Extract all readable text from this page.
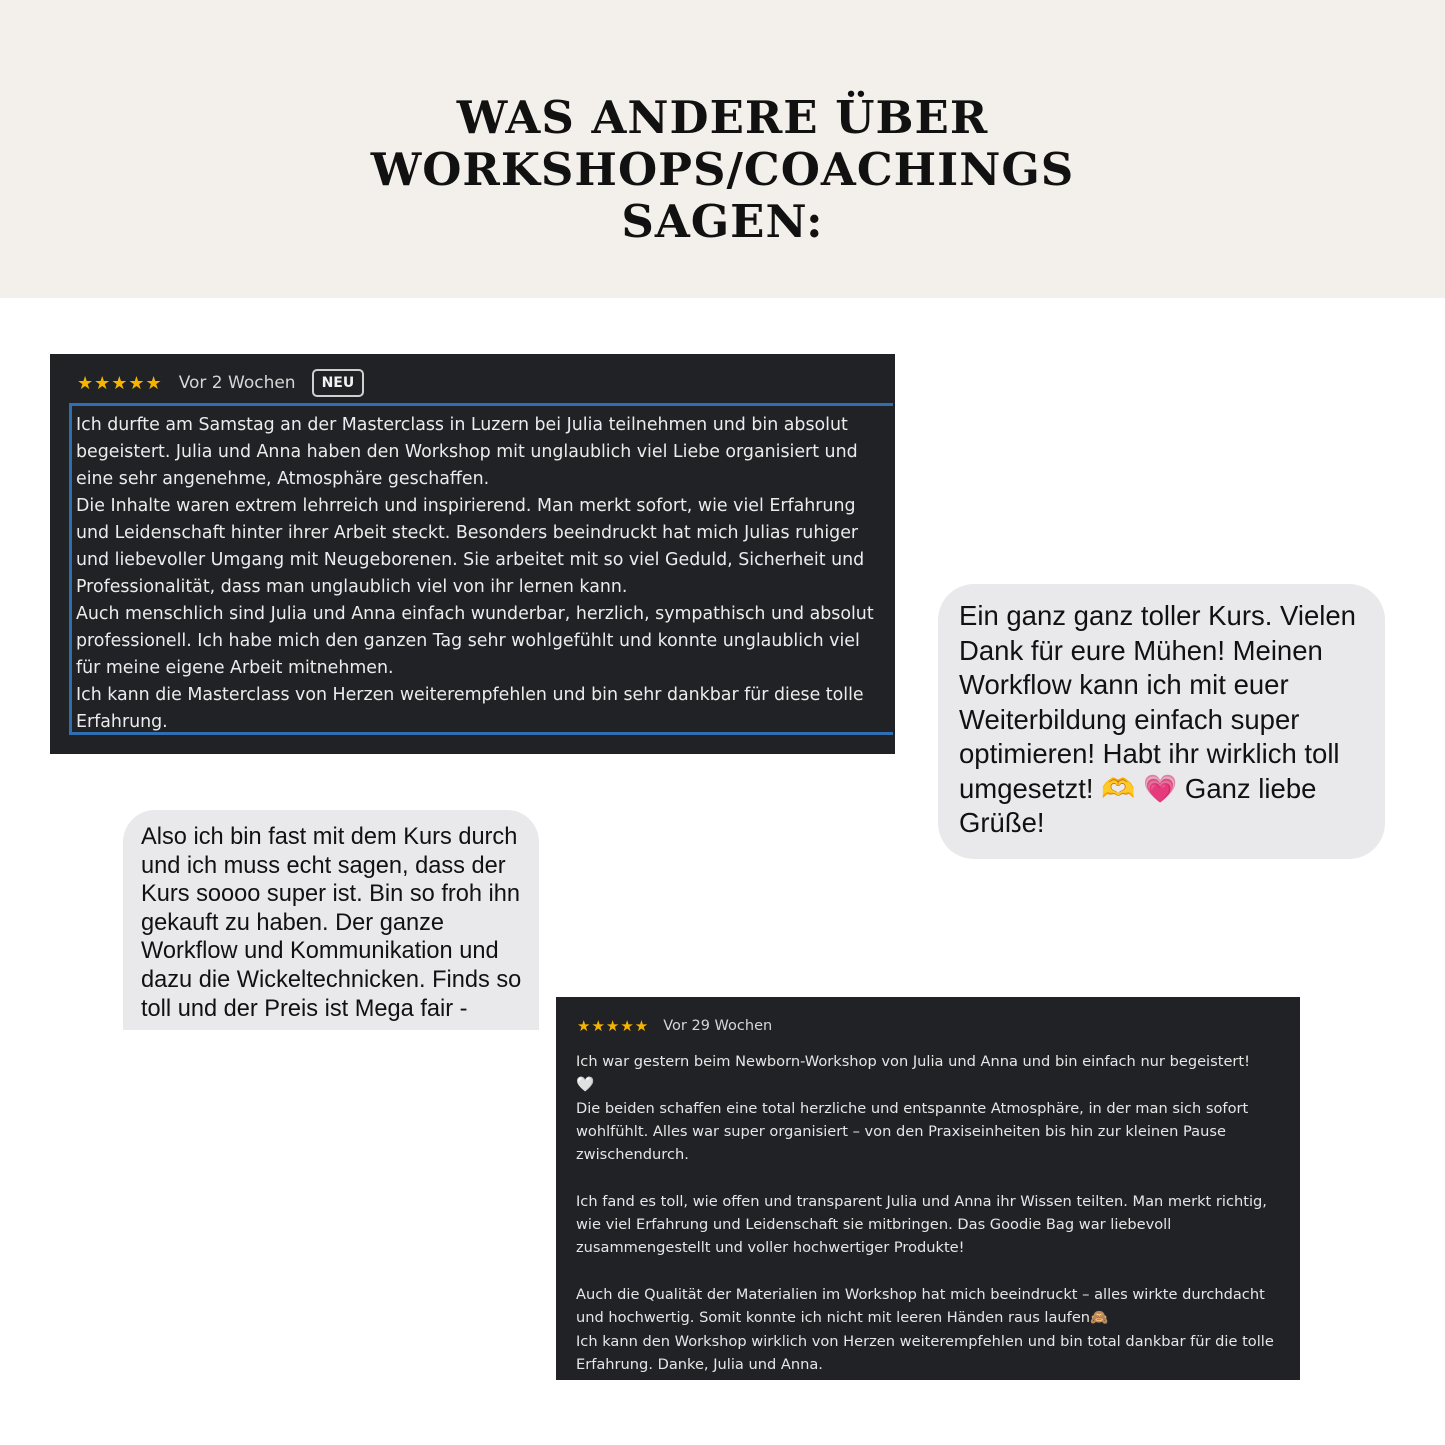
WAS ANDERE ÜBER
WORKSHOPS/COACHINGS
SAGEN:
★★★★★ Vor 2 Wochen	NEU

Ich durfte am Samstag an der Masterclass in Luzern bei Julia teilnehmen und bin absolut begeistert. Julia und Anna haben den Workshop mit unglaublich viel Liebe organisiert und eine sehr angenehme, Atmosphäre geschaffen.

Die Inhalte waren extrem lehrreich und inspirierend. Man merkt sofort, wie viel Erfahrung und Leidenschaft hinter ihrer Arbeit steckt. Besonders beeindruckt hat mich Julias ruhiger und liebevoller Umgang mit Neugeborenen. Sie arbeitet mit so viel Geduld, Sicherheit und Professionalität, dass man unglaublich viel von ihr lernen kann.

Auch menschlich sind Julia und Anna einfach wunderbar, herzlich, sympathisch und absolut professionell. Ich habe mich den ganzen Tag sehr wohlgefühlt und konnte unglaublich viel für meine eigene Arbeit mitnehmen.

Ich kann die Masterclass von Herzen weiterempfehlen und bin sehr dankbar für diese tolle Erfahrung.

Ein ganz ganz toller Kurs. Vielen Dank für eure Mühen! Meinen Workflow kann ich mit euer Weiterbildung einfach super optimieren! Habt ihr wirklich toll umgesetzt! 🫶 💗 Ganz liebe Grüße!
Also ich bin fast mit dem Kurs durch und ich muss echt sagen, dass der Kurs soooo super ist. Bin so froh ihn gekauft zu haben. Der ganze Workflow und Kommunikation und dazu die Wickeltechnicken. Finds so toll und der Preis ist Mega fair -
★★★★★ Vor 29 Wochen

Ich war gestern beim Newborn-Workshop von Julia und Anna und bin einfach nur begeistert!
🤍

Die beiden schaffen eine total herzliche und entspannte Atmosphäre, in der man sich sofort wohlfühlt. Alles war super organisiert – von den Praxiseinheiten bis hin zur kleinen Pause zwischendurch.

Ich fand es toll, wie offen und transparent Julia und Anna ihr Wissen teilten. Man merkt richtig, wie viel Erfahrung und Leidenschaft sie mitbringen. Das Goodie Bag war liebevoll zusammengestellt und voller hochwertiger Produkte!

Auch die Qualität der Materialien im Workshop hat mich beeindruckt – alles wirkte durchdacht und hochwertig. Somit konnte ich nicht mit leeren Händen raus laufen🙈

Ich kann den Workshop wirklich von Herzen weiterempfehlen und bin total dankbar für die tolle Erfahrung. Danke, Julia und Anna.
